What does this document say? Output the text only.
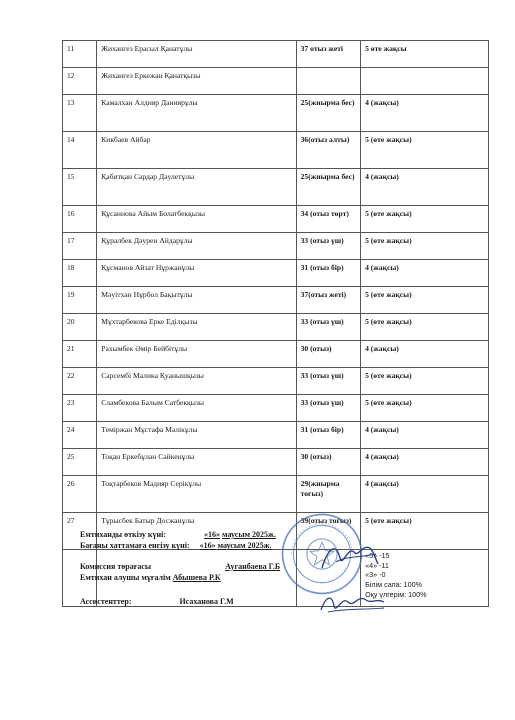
11	Жихангез Ерасыл Қанатұлы	37 отыз жеті	5 өте жақсы
12	Жихангез Еркежан Қанатқызы		
13	Камалхан Алдияр Даниярұлы	25(жиырма бес)	4 (жақсы)
14	Кикбаев Айбар	36(отыз алты)	5 (өте жақсы)
15	Қабитқан Сардар Дәулетұлы	25(жиырма бес)	4 (жақсы)
16	Құсаинова Айым Болатбекқызы	34 (отыз төрт)	5 (өте жақсы)
17	Құралбек Дәурен Айдарұлы	33 (отыз үш)	5 (өте жақсы)
18	Құсманов Айзат Нұржанұлы	31 (отыз бір)	4 (жақсы)
19	Мәуітхан Нұрбол Бақытұлы	37(отыз жеті)	5 (өте жақсы)
20	Мұхтарбекова Ерке Еділқызы	33 (отыз үш)	5 (өте жақсы)
21	Рахымбек Әмір Бейбітұлы	30 (отыз)	4 (жақсы)
22	Сарсембі Малика Қуанышқызы	33 (отыз үш)	5 (өте жақсы)
23	Сламбекова Балым Сатбекқызы	33 (отыз үш)	5 (өте жақсы)
24	Теміржан Мұстафа Мәлікұлы	31 (отыз бір)	4 (жақсы)
25	Тоқан Еркебұлан Сәйкенұлы	30 (отыз)	4 (жақсы)
26	Тоқтарбеков Мадияр Серікұлы	29(жиырма тоғыз)	4 (жақсы)
27	Тұрысбек Батыр Досжанұлы	39(отыз тоғыз)	5 (өте жақсы)

			«5» -15
«4» -11
«3» -0
Білім сапа: 100%
Оқу үлгерім: 100%
Емтиханды өткізу күні:	«16» маусым 2025ж.
Бағаны хаттамаға енгізу күні: «16» маусым 2025ж.
Комиссия төрағасы	Ауганбаева Г.Б
Емтихан алушы мұғалім Абышева Р.К
Ассистенттер:	Исаханова Г.М
